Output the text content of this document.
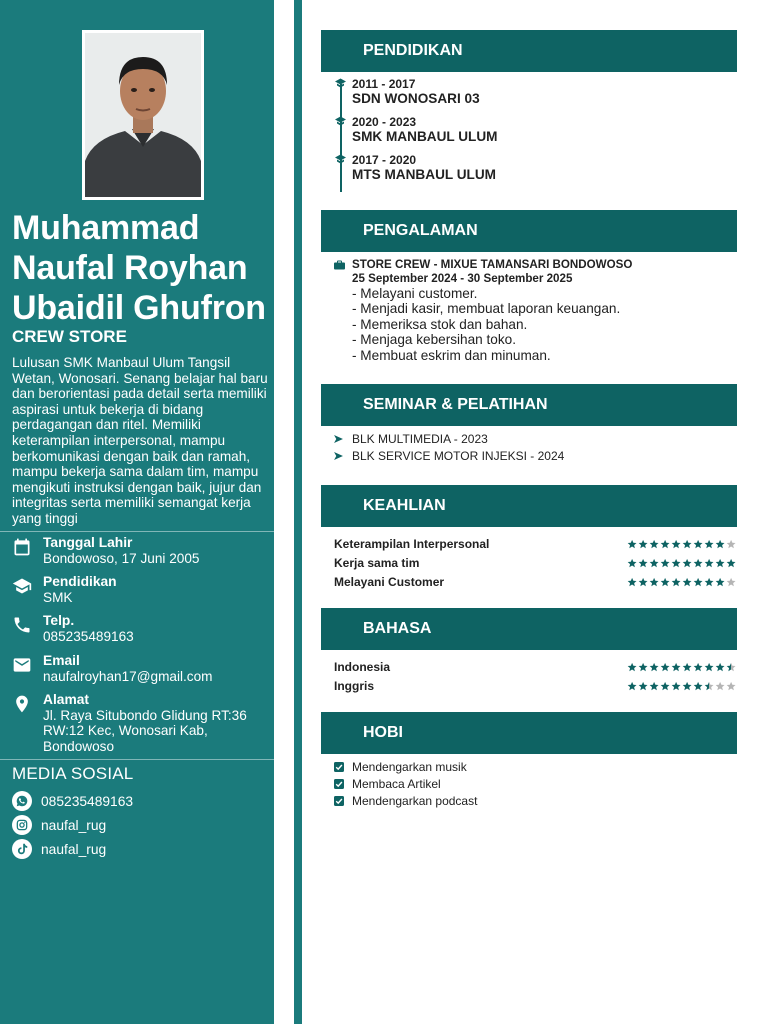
Muhammad
Naufal Royhan
Ubaidil Ghufron
CREW STORE
Lulusan SMK Manbaul Ulum Tangsil Wetan, Wonosari. Senang belajar hal baru dan berorientasi pada detail serta memiliki aspirasi untuk bekerja di bidang perdagangan dan ritel. Memiliki keterampilan interpersonal, mampu berkomunikasi dengan baik dan ramah, mampu bekerja sama dalam tim, mampu mengikuti instruksi dengan baik, jujur dan integritas serta memiliki semangat kerja yang tinggi
Tanggal Lahir
Bondowoso, 17 Juni 2005
Pendidikan
SMK
Telp.
085235489163
Email
naufalroyhan17@gmail.com
Alamat
Jl. Raya Situbondo Glidung RT:36 RW:12 Kec, Wonosari Kab, Bondowoso
MEDIA SOSIAL
085235489163
naufal_rug
naufal_rug
PENDIDIKAN
2011 - 2017
SDN WONOSARI 03
2020 - 2023
SMK MANBAUL ULUM
2017 - 2020
MTS MANBAUL ULUM
PENGALAMAN
STORE CREW - MIXUE TAMANSARI BONDOWOSO
25 September 2024 - 30 September 2025
- Melayani customer.
- Menjadi kasir, membuat laporan keuangan.
- Memeriksa stok dan bahan.
- Menjaga kebersihan toko.
- Membuat eskrim dan minuman.
SEMINAR & PELATIHAN
BLK MULTIMEDIA - 2023
BLK SERVICE MOTOR INJEKSI - 2024
KEAHLIAN
Keterampilan Interpersonal
Kerja sama tim
Melayani Customer
BAHASA
Indonesia
Inggris
HOBI
Mendengarkan musik
Membaca Artikel
Mendengarkan podcast
